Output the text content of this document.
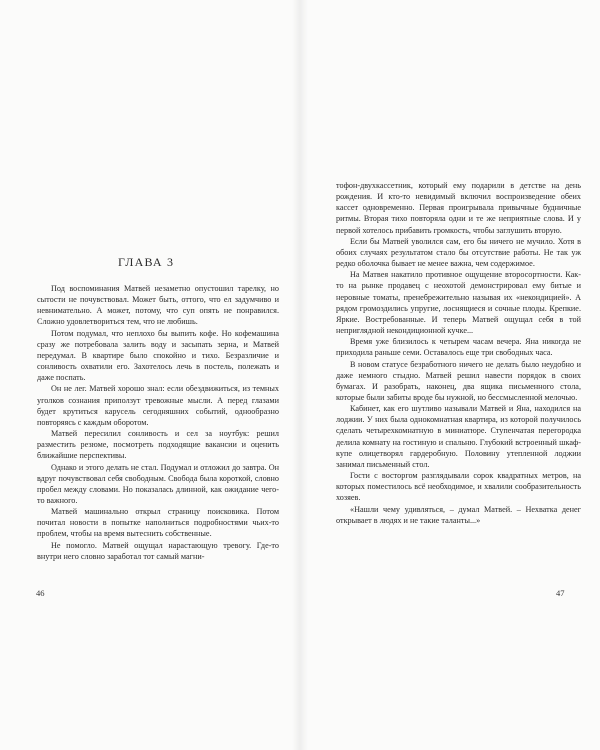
ГЛАВА 3

Под воспоминания Матвей незаметно опустошил тарелку, но сытости не почувствовал. Может быть, оттого, что ел задумчиво и невнимательно. А может, потому, что суп опять не понравился. Сложно удовлетвориться тем, что не любишь.

Потом подумал, что неплохо бы выпить кофе. Но кофемашина сразу же потребовала залить воду и засыпать зерна, и Матвей передумал. В квартире было спокойно и тихо. Безразличие и сонливость охватили его. Захотелось лечь в постель, полежать и даже поспать.

Он не лег. Матвей хорошо знал: если обездвижиться, из темных уголков сознания приползут тревожные мысли. А перед глазами будет крутиться карусель сегодняшних событий, однообразно повторяясь с каждым оборотом.

Матвей пересилил сонливость и сел за ноутбук: решил разместить резюме, посмотреть подходящие вакансии и оценить ближайшие перспективы.

Однако и этого делать не стал. Подумал и отложил до завтра. Он вдруг почувствовал себя свободным. Свобода была короткой, словно пробел между словами. Но показалась длинной, как ожидание чего-то важного.

Матвей машинально открыл страницу поисковика. Потом почитал новости в попытке наполниться подробностями чьих-то проблем, чтобы на время вытеснить собственные.

Не помогло. Матвей ощущал нарастающую тревогу. Где-то внутри него словно заработал тот самый магни-

46

тофон-двухкассетник, который ему подарили в детстве на день рождения. И кто-то невидимый включил воспроизведение обеих кассет одновременно. Первая проигрывала привычные будничные ритмы. Вторая тихо повторяла одни и те же неприятные слова. И у первой хотелось прибавить громкость, чтобы заглушить вторую.

Если бы Матвей уволился сам, его бы ничего не мучило. Хотя в обоих случаях результатом стало бы отсутствие работы. Не так уж редко оболочка бывает не менее важна, чем содержимое.

На Матвея накатило противное ощущение второсортности. Как-то на рынке продавец с неохотой демонстрировал ему битые и неровные томаты, пренебрежительно называя их «некондицией». А рядом громоздились упругие, лоснящиеся и сочные плоды. Крепкие. Яркие. Востребованные. И теперь Матвей ощущал себя в той неприглядной некондиционной кучке...

Время уже близилось к четырем часам вечера. Яна никогда не приходила раньше семи. Оставалось еще три свободных часа.

В новом статусе безработного ничего не делать было неудобно и даже немного стыдно. Матвей решил навести порядок в своих бумагах. И разобрать, наконец, два ящика письменного стола, которые были забиты вроде бы нужной, но бессмысленной мелочью.

Кабинет, как его шутливо называли Матвей и Яна, находился на лоджии. У них была однокомнатная квартира, из которой получилось сделать четырехкомнатную в миниатюре. Ступенчатая перегородка делила комнату на гостиную и спальню. Глубокий встроенный шкаф-купе олицетворял гардеробную. Половину утепленной лоджии занимал письменный стол.

Гости с восторгом разглядывали сорок квадратных метров, на которых поместилось всё необходимое, и хвалили сообразительность хозяев.

«Нашли чему удивляться, – думал Матвей. – Нехватка денег открывает в людях и не такие таланты...»

47
